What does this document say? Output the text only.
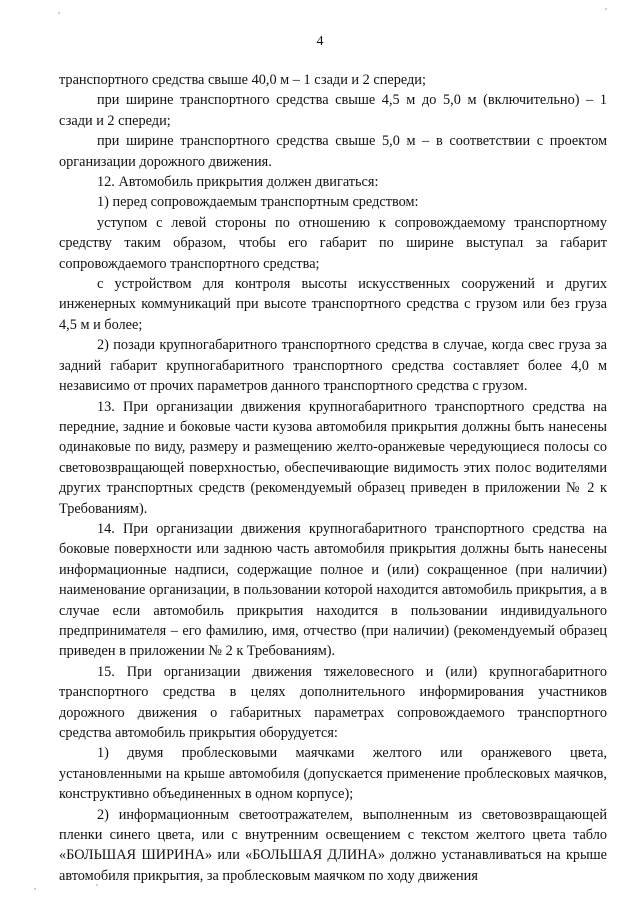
4

транспортного средства свыше 40,0 м – 1 сзади и 2 спереди;

при ширине транспортного средства свыше 4,5 м до 5,0 м (включительно) – 1 сзади и 2 спереди;

при ширине транспортного средства свыше 5,0 м – в соответствии с проектом организации дорожного движения.

12. Автомобиль прикрытия должен двигаться:

1) перед сопровождаемым транспортным средством:

уступом с левой стороны по отношению к сопровождаемому транспортному средству таким образом, чтобы его габарит по ширине выступал за габарит сопровождаемого транспортного средства;

с устройством для контроля высоты искусственных сооружений и других инженерных коммуникаций при высоте транспортного средства с грузом или без груза 4,5 м и более;

2) позади крупногабаритного транспортного средства в случае, когда свес груза за задний габарит крупногабаритного транспортного средства составляет более 4,0 м независимо от прочих параметров данного транспортного средства с грузом.

13. При организации движения крупногабаритного транспортного средства на передние, задние и боковые части кузова автомобиля прикрытия должны быть нанесены одинаковые по виду, размеру и размещению желто-оранжевые чередующиеся полосы со световозвращающей поверхностью, обеспечивающие видимость этих полос водителями других транспортных средств (рекомендуемый образец приведен в приложении № 2 к Требованиям).

14. При организации движения крупногабаритного транспортного средства на боковые поверхности или заднюю часть автомобиля прикрытия должны быть нанесены информационные надписи, содержащие полное и (или) сокращенное (при наличии) наименование организации, в пользовании которой находится автомобиль прикрытия, а в случае если автомобиль прикрытия находится в пользовании индивидуального предпринимателя – его фамилию, имя, отчество (при наличии) (рекомендуемый образец приведен в приложении № 2 к Требованиям).

15. При организации движения тяжеловесного и (или) крупногабаритного транспортного средства в целях дополнительного информирования участников дорожного движения о габаритных параметрах сопровождаемого транспортного средства автомобиль прикрытия оборудуется:

1) двумя проблесковыми маячками желтого или оранжевого цвета, установленными на крыше автомобиля (допускается применение проблесковых маячков, конструктивно объединенных в одном корпусе);

2) информационным светоотражателем, выполненным из световозвращающей пленки синего цвета, или с внутренним освещением с текстом желтого цвета табло «БОЛЬШАЯ ШИРИНА» или «БОЛЬШАЯ ДЛИНА» должно устанавливаться на крыше автомобиля прикрытия, за проблесковым маячком по ходу движения
